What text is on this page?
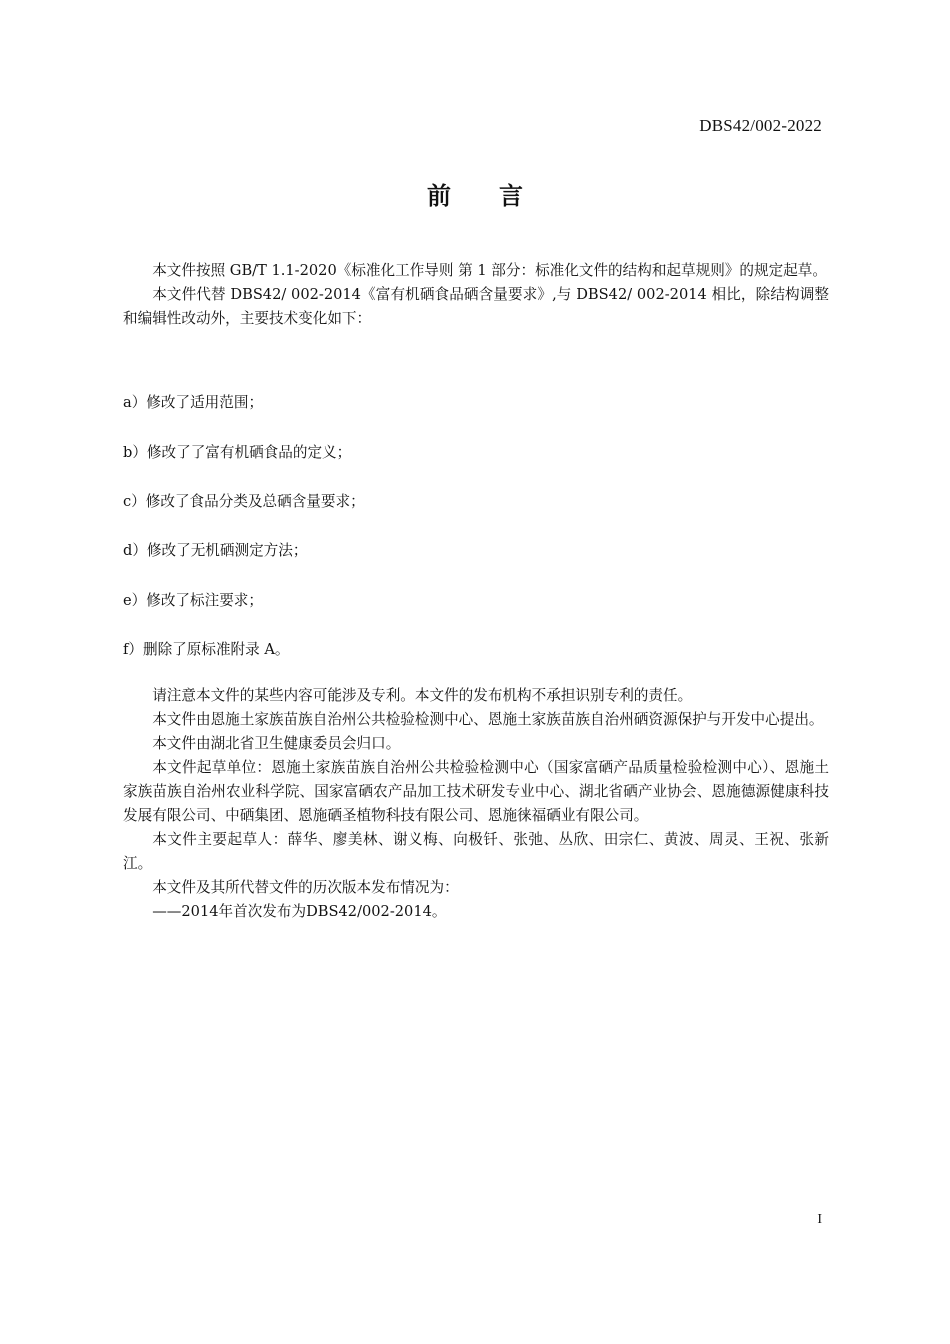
DBS42/002-2022
前言

本文件按照 GB/T 1.1-2020《标准化工作导则 第 1 部分：标准化文件的结构和起草规则》的规定起草。

本文件代替 DBS42/ 002-2014《富有机硒食品硒含量要求》,与 DBS42/ 002-2014 相比，除结构调整和编辑性改动外，主要技术变化如下：

a）修改了适用范围；
b）修改了了富有机硒食品的定义；
c）修改了食品分类及总硒含量要求；
d）修改了无机硒测定方法；
e）修改了标注要求；
f）删除了原标准附录 A。

请注意本文件的某些内容可能涉及专利。本文件的发布机构不承担识别专利的责任。

本文件由恩施土家族苗族自治州公共检验检测中心、恩施土家族苗族自治州硒资源保护与开发中心提出。

本文件由湖北省卫生健康委员会归口。

本文件起草单位：恩施土家族苗族自治州公共检验检测中心（国家富硒产品质量检验检测中心）、恩施土家族苗族自治州农业科学院、国家富硒农产品加工技术研发专业中心、湖北省硒产业协会、恩施德源健康科技发展有限公司、中硒集团、恩施硒圣植物科技有限公司、恩施徕福硒业有限公司。

本文件主要起草人：薛华、廖美林、谢义梅、向极钎、张弛、丛欣、田宗仁、黄波、周灵、王祝、张新江。

本文件及其所代替文件的历次版本发布情况为：

——2014年首次发布为DBS42/002-2014。

I
